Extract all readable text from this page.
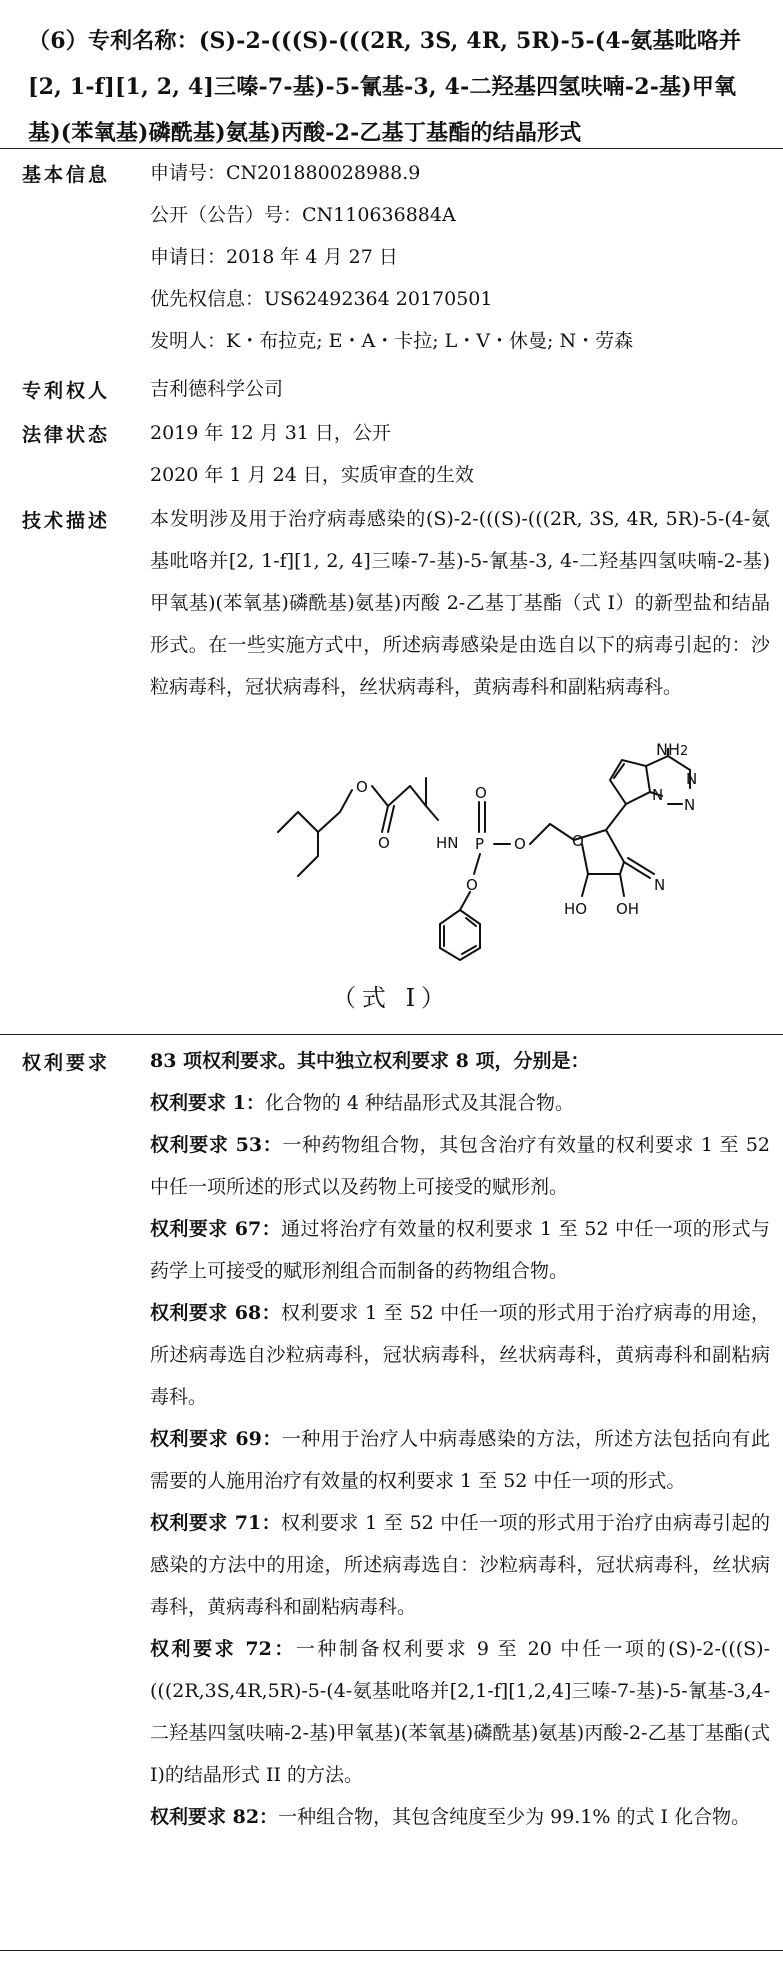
（6）专利名称：(S)-2-(((S)-(((2R, 3S, 4R, 5R)-5-(4-氨基吡咯并[2, 1-f][1, 2, 4]三嗪-7-基)-5-氰基-3, 4-二羟基四氢呋喃-2-基)甲氧基)(苯氧基)磷酰基)氨基)丙酸-2-乙基丁基酯的结晶形式
基本信息	申请号：CN201880028988.9
公开（公告）号：CN110636884A
申请日：2018 年 4 月 27 日
优先权信息：US62492364 20170501
发明人：K・布拉克; E・A・卡拉; L・V・休曼; N・劳森
专利权人	吉利德科学公司
法律状态	2019 年 12 月 31 日，公开
2020 年 1 月 24 日，实质审查的生效
技术描述	本发明涉及用于治疗病毒感染的(S)-2-(((S)-(((2R, 3S, 4R, 5R)-5-(4-氨基吡咯并[2, 1-f][1, 2, 4]三嗪-7-基)-5-氰基-3, 4-二羟基四氢呋喃-2-基)甲氧基)(苯氧基)磷酰基)氨基)丙酸 2-乙基丁基酯（式 I）的新型盐和结晶形式。在一些实施方式中，所述病毒感染是由选自以下的病毒引起的：沙粒病毒科，冠状病毒科，丝状病毒科，黄病毒科和副粘病毒科。
O
O	HN P
O
O
O
O
HO OH
N
N
N
N
NH2
（式 I）
权利要求	83 项权利要求。其中独立权利要求 8 项，分别是：
权利要求 1：化合物的 4 种结晶形式及其混合物。
权利要求 53：一种药物组合物，其包含治疗有效量的权利要求 1 至 52 中任一项所述的形式以及药物上可接受的赋形剂。
权利要求 67：通过将治疗有效量的权利要求 1 至 52 中任一项的形式与药学上可接受的赋形剂组合而制备的药物组合物。
权利要求 68：权利要求 1 至 52 中任一项的形式用于治疗病毒的用途，所述病毒选自沙粒病毒科，冠状病毒科，丝状病毒科，黄病毒科和副粘病毒科。
权利要求 69：一种用于治疗人中病毒感染的方法，所述方法包括向有此需要的人施用治疗有效量的权利要求 1 至 52 中任一项的形式。
权利要求 71：权利要求 1 至 52 中任一项的形式用于治疗由病毒引起的感染的方法中的用途，所述病毒选自：沙粒病毒科，冠状病毒科，丝状病毒科，黄病毒科和副粘病毒科。
权利要求 72：一种制备权利要求 9 至 20 中任一项的(S)-2-(((S)-(((2R,3S,4R,5R)-5-(4-氨基吡咯并[2,1-f][1,2,4]三嗪-7-基)-5-氰基-3,4-二羟基四氢呋喃-2-基)甲氧基)(苯氧基)磷酰基)氨基)丙酸-2-乙基丁基酯(式 I)的结晶形式 II 的方法。
权利要求 82：一种组合物，其包含纯度至少为 99.1% 的式 I 化合物。
